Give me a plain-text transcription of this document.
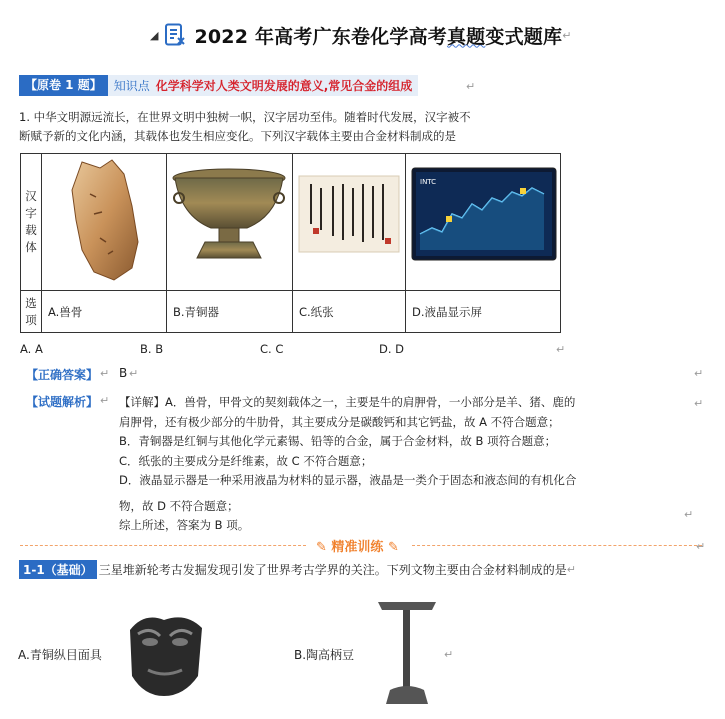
◢ 2022 年高考广东卷化学高考真题变式题库 ↵
【原卷 1 题】	知识点 化学科学对人类文明发展的意义,常见合金的组成	↵
1. 中华文明源远流长，在世界文明中独树一帜，汉字居功至伟。随着时代发展，汉字被不
断赋予新的文化内涵，其载体也发生相应变化。下列汉字载体主要由合金材料制成的是
汉
字
载
体				INTC

选
项	A.兽骨	B.青铜器	C.纸张	D.液晶显示屏
A. A	B. B	C. C	D. D	↵
【正确答案】 ↵ B ↵	↵
【试题解析】 ↵ 【详解】A．兽骨，甲骨文的契刻载体之一，主要是牛的肩胛骨，一小部分是羊、猪、鹿的

肩胛骨，还有极少部分的牛肋骨，其主要成分是碳酸钙和其它钙盐，故 A 不符合题意；

B．青铜器是红铜与其他化学元素锡、铅等的合金，属于合金材料，故 B 项符合题意；

C．纸张的主要成分是纤维素，故 C 不符合题意；

D．液晶显示器是一种采用液晶为材料的显示器，液晶是一类介于固态和液态间的有机化合

物，故 D 不符合题意；

综上所述，答案为 B 项。

↵
↵
✎ 精准训练 ✎	↵
1-1（基础） 三星堆新轮考古发掘发现引发了世界考古学界的关注。下列文物主要由合金材料制成的是 ↵
A.青铜纵目面具	B.陶高柄豆	↵
